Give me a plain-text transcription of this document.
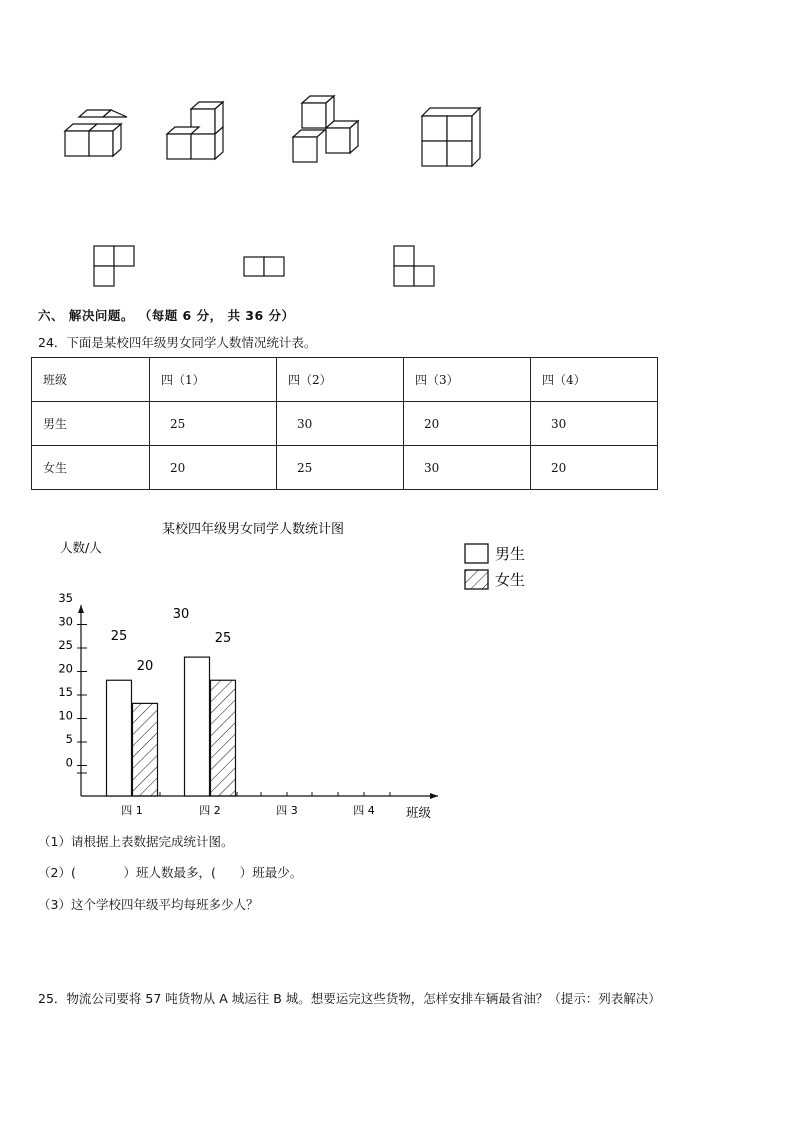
六、 解决问题。 （每题 6 分， 共 36 分）
24．下面是某校四年级男女同学人数情况统计表。
班级	四（1）	四（2）	四（3）	四（4）
男生	25	30	20	30
女生	20	25	30	20
某校四年级男女同学人数统计图
人数/人
班级
男生
女生
35
30
25
20
15
10
5
0
四 1	四 2	四 3	四 4
25
30
20
25
（1）请根据上表数据完成统计图。
（2）(            ）班人数最多，(      ）班最少。
（3）这个学校四年级平均每班多少人？
25．物流公司要将 57 吨货物从 A 城运往 B 城。想要运完这些货物，怎样安排车辆最省油？（提示：列表解决）
